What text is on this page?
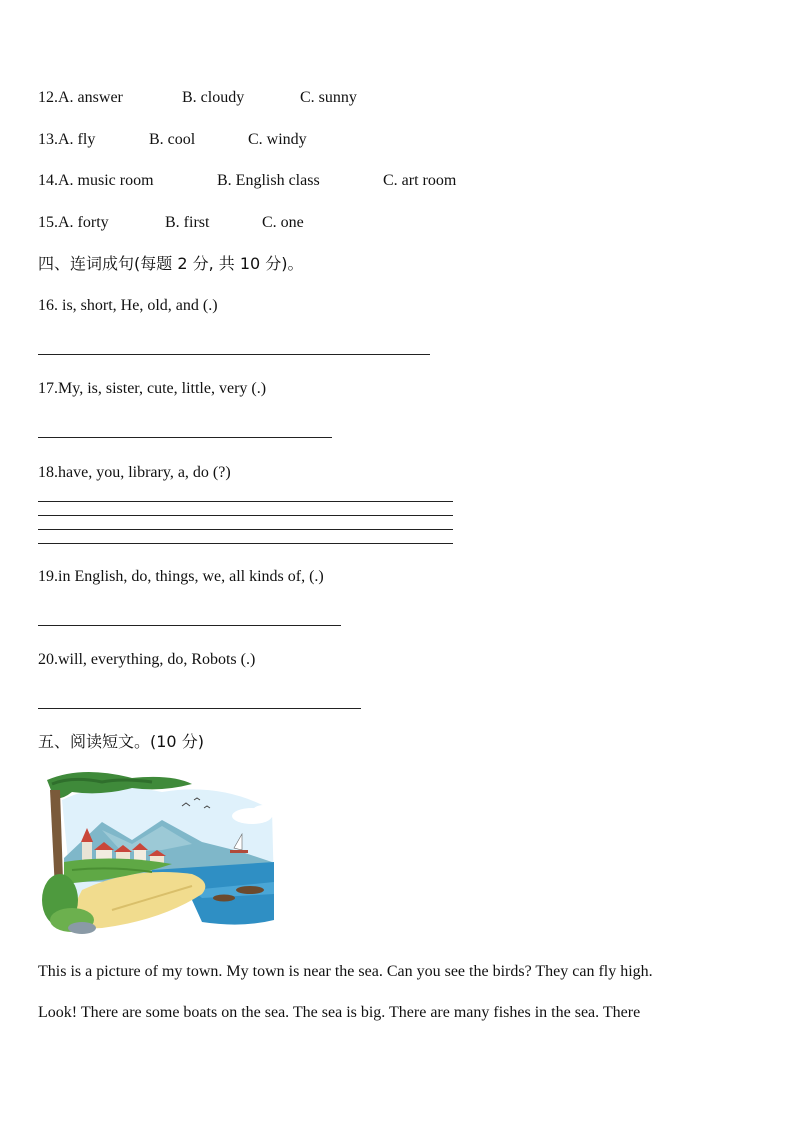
12.A. answer	B. cloudy	C. sunny
13.A. fly	B. cool	C. windy
14.A. music room	B. English class	C. art room
15.A. forty	B. first	C. one
四、连词成句(每题 2 分, 共 10 分)。
16. is, short, He, old, and (.)
17.My, is, sister, cute, little, very (.)
18.have, you, library, a, do (?)
19.in English, do, things, we, all kinds of, (.)
20.will, everything, do, Robots (.)
五、阅读短文。(10 分)
This is a picture of my town. My town is near the sea. Can you see the birds? They can fly high.
Look! There are some boats on the sea. The sea is big. There are many fishes in the sea. There
